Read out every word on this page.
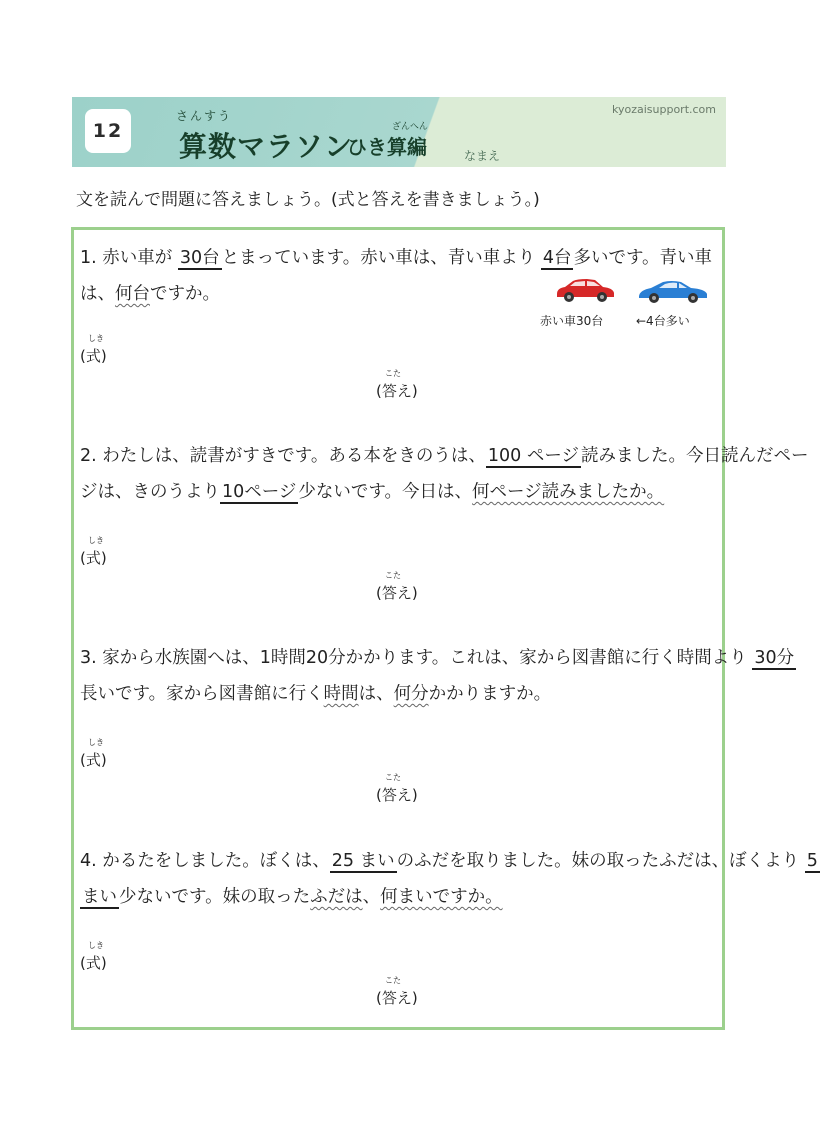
12
さんすう
算数マラソン
ざんへん
ひき算編
kyozaisupport.com
なまえ
文を読んで問題に答えましょう。(式と答えを書きましょう。)
1. 赤い車が 30台 とまっています。赤い車は、青い車より 4台 多いです。青い車
は、何台ですか。
赤い車30台	←4台多い
しき
(式)
こた
(答え)
2. わたしは、読書がすきです。ある本をきのうは、 100 ページ 読みました。今日読んだペー
ジは、きのうより 10ページ 少ないです。今日は、何ページ読みましたか。
しき
(式)
こた
(答え)
3. 家から水族園へは、1時間20分かかります。これは、家から図書館に行く時間より 30分
長いです。家から図書館に行く時間は、何分かかりますか。
しき
(式)
こた
(答え)
4. かるたをしました。ぼくは、 25 まい のふだを取りました。妹の取ったふだは、ぼくより 5
まい 少ないです。妹の取ったふだは、何まいですか。
しき
(式)
こた
(答え)
